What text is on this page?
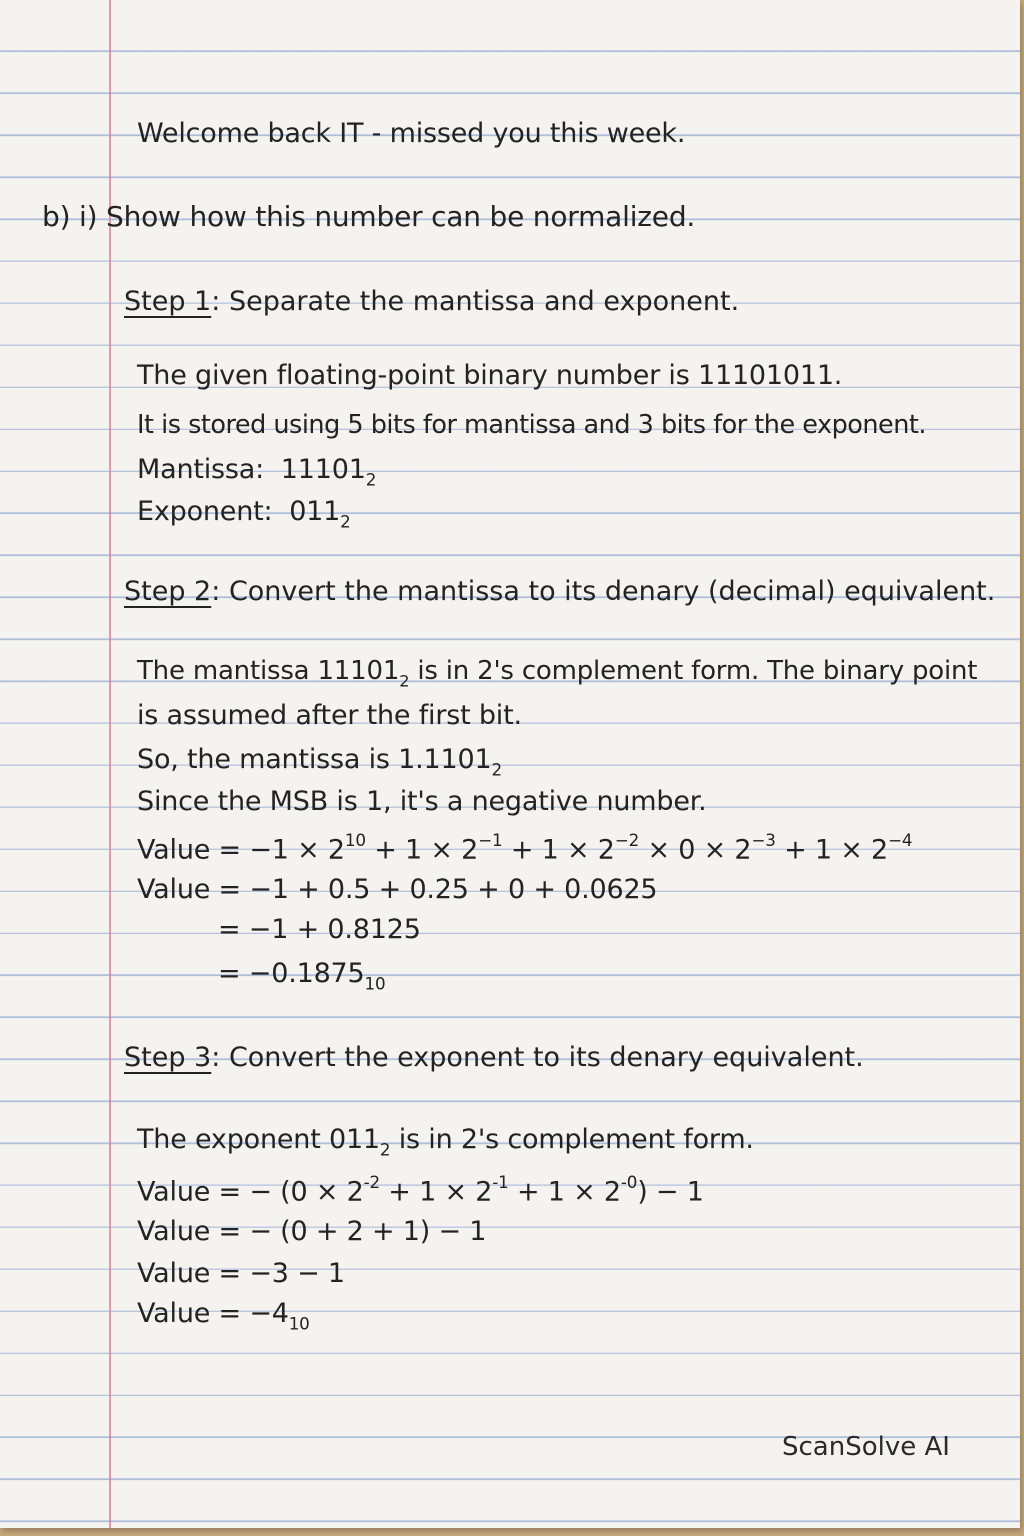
Welcome back IT - missed you this week.
b) i) Show how this number can be normalized.
Step 1: Separate the mantissa and exponent.
The given floating-point binary number is 11101011.
It is stored using 5 bits for mantissa and 3 bits for the exponent.
Mantissa: $11101_2$
Exponent: $011_2$
Step 2: Convert the mantissa to its denary (decimal) equivalent.
The mantissa $11101_2$ is in 2's complement form. The binary point
is assumed after the first bit.
So, the mantissa is $1.1101_2$
Since the MSB is 1, it's a negative number.
Value = $-1 \times 2^{10} + 1 \times 2^{-1} + 1 \times 2^{-2} \times 0 \times 2^{-3} + 1 \times 2^{-4}$
Value = −1 + 0.5 + 0.25 + 0 + 0.0625
= −1 + 0.8125
= $-0.1875_{10}$
Step 3: Convert the exponent to its denary equivalent.
The exponent $011_2$ is in 2's complement form.
Value = − $(0 \times 2^{-2} + 1 \times 2^{-1} + 1 \times 2^{-0}) - 1$
Value = − (0 + 2 + 1) − 1
Value = −3 − 1
Value = $-4_{10}$
ScanSolve AI
